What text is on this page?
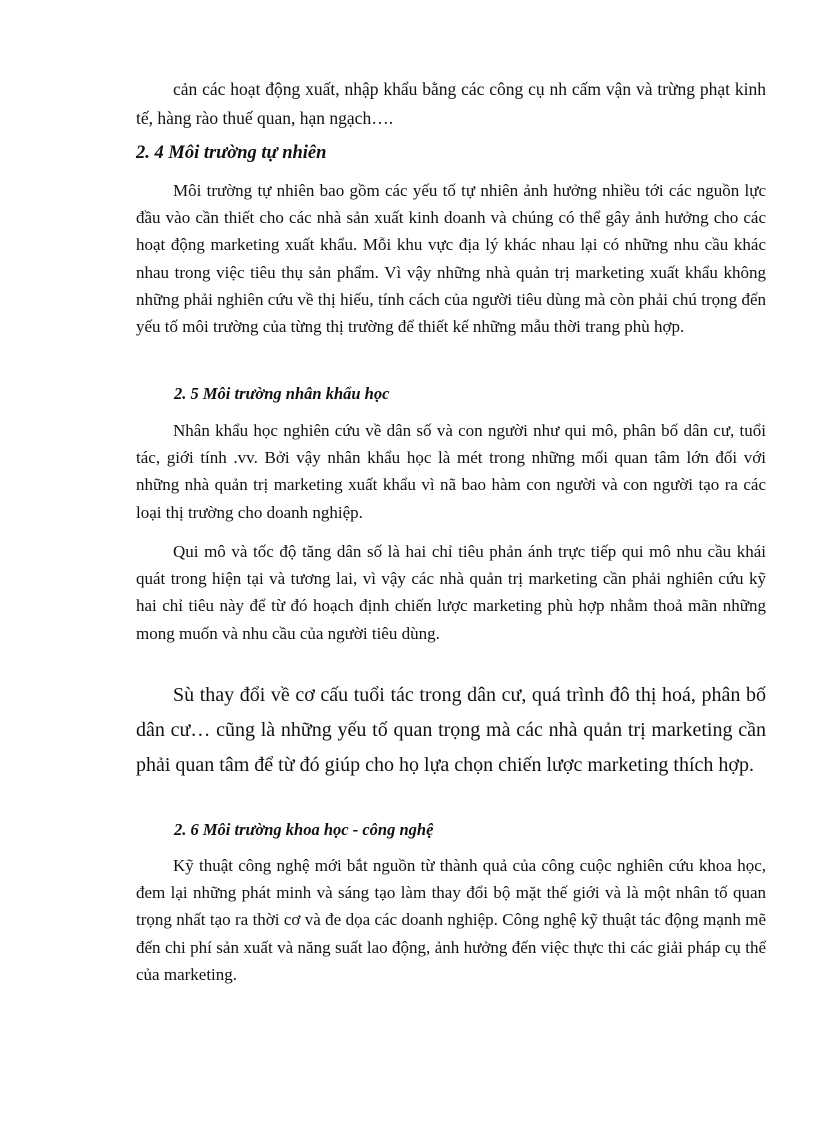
cản các hoạt động xuất, nhập khẩu bằng các công cụ nh cấm vận và trừng phạt kinh tế, hàng rào thuế quan, hạn ngạch….

2. 4 Môi trường tự nhiên

Môi trường tự nhiên bao gồm các yếu tố tự nhiên ảnh hưởng nhiều tới các nguồn lực đầu vào cần thiết cho các nhà sản xuất kinh doanh và chúng có thể gây ảnh hưởng cho các hoạt động marketing xuất khẩu. Mỗi khu vực địa lý khác nhau lại có những nhu cầu khác nhau trong việc tiêu thụ sản phẩm. Vì vậy những nhà quản trị marketing xuất khẩu không những phải nghiên cứu về thị hiếu, tính cách của người tiêu dùng mà còn phải chú trọng đến yếu tố môi trường của từng thị trường để thiết kế những mẫu thời trang phù hợp.

2. 5 Môi trường nhân khẩu học

Nhân khẩu học nghiên cứu về dân số và con người như qui mô, phân bố dân cư, tuổi tác, giới tính .vv. Bởi vậy nhân khẩu học là mét trong những mối quan tâm lớn đối với những nhà quản trị marketing xuất khẩu vì nã bao hàm con người và con người tạo ra các loại thị trường cho doanh nghiệp.

Qui mô và tốc độ tăng dân số là hai chỉ tiêu phản ánh trực tiếp qui mô nhu cầu khái quát trong hiện tại và tương lai, vì vậy các nhà quản trị marketing cần phải nghiên cứu kỹ hai chỉ tiêu này để từ đó hoạch định chiến lược marketing phù hợp nhằm thoả mãn những mong muốn và nhu cầu của người tiêu dùng.

Sù thay đổi về cơ cấu tuổi tác trong dân cư, quá trình đô thị hoá, phân bố dân cư… cũng là những yếu tố quan trọng mà các nhà quản trị marketing cần phải quan tâm để từ đó giúp cho họ lựa chọn chiến lược marketing thích hợp.

2. 6 Môi trường khoa học - công nghệ

Kỹ thuật công nghệ mới bắt nguồn từ thành quả của công cuộc nghiên cứu khoa học, đem lại những phát minh và sáng tạo làm thay đổi bộ mặt thế giới và là một nhân tố quan trọng nhất tạo ra thời cơ và đe dọa các doanh nghiệp. Công nghệ kỹ thuật tác động mạnh mẽ đến chi phí sản xuất và năng suất lao động, ảnh hưởng đến việc thực thi các giải pháp cụ thể của marketing.
